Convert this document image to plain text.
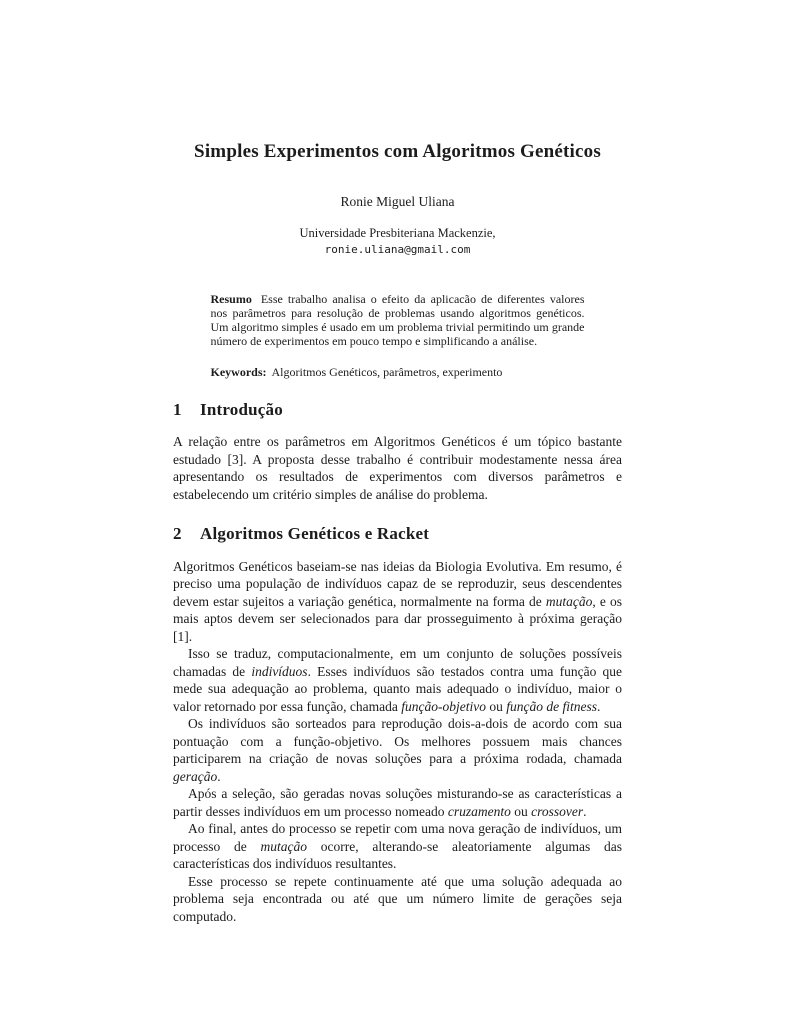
Simples Experimentos com Algoritmos Genéticos
Ronie Miguel Uliana
Universidade Presbiteriana Mackenzie,
ronie.uliana@gmail.com
Resumo Esse trabalho analisa o efeito da aplicacão de diferentes valores nos parâmetros para resolução de problemas usando algoritmos genéticos. Um algoritmo simples é usado em um problema trivial permitindo um grande número de experimentos em pouco tempo e simplificando a análise.
Keywords: Algoritmos Genéticos, parâmetros, experimento
1 Introdução

A relação entre os parâmetros em Algoritmos Genéticos é um tópico bastante estudado [3]. A proposta desse trabalho é contribuir modestamente nessa área apresentando os resultados de experimentos com diversos parâmetros e estabelecendo um critério simples de análise do problema.

2 Algoritmos Genéticos e Racket

Algoritmos Genéticos baseiam-se nas ideias da Biologia Evolutiva. Em resumo, é preciso uma população de indivíduos capaz de se reproduzir, seus descendentes devem estar sujeitos a variação genética, normalmente na forma de mutação, e os mais aptos devem ser selecionados para dar prosseguimento à próxima geração [1].

Isso se traduz, computacionalmente, em um conjunto de soluções possíveis chamadas de indivíduos. Esses indivíduos são testados contra uma função que mede sua adequação ao problema, quanto mais adequado o indivíduo, maior o valor retornado por essa função, chamada função-objetivo ou função de fitness.

Os indivíduos são sorteados para reprodução dois-a-dois de acordo com sua pontuação com a função-objetivo. Os melhores possuem mais chances participarem na criação de novas soluções para a próxima rodada, chamada geração.

Após a seleção, são geradas novas soluções misturando-se as características a partir desses indivíduos em um processo nomeado cruzamento ou crossover.

Ao final, antes do processo se repetir com uma nova geração de indivíduos, um processo de mutação ocorre, alterando-se aleatoriamente algumas das características dos indivíduos resultantes.

Esse processo se repete continuamente até que uma solução adequada ao problema seja encontrada ou até que um número limite de gerações seja computado.
